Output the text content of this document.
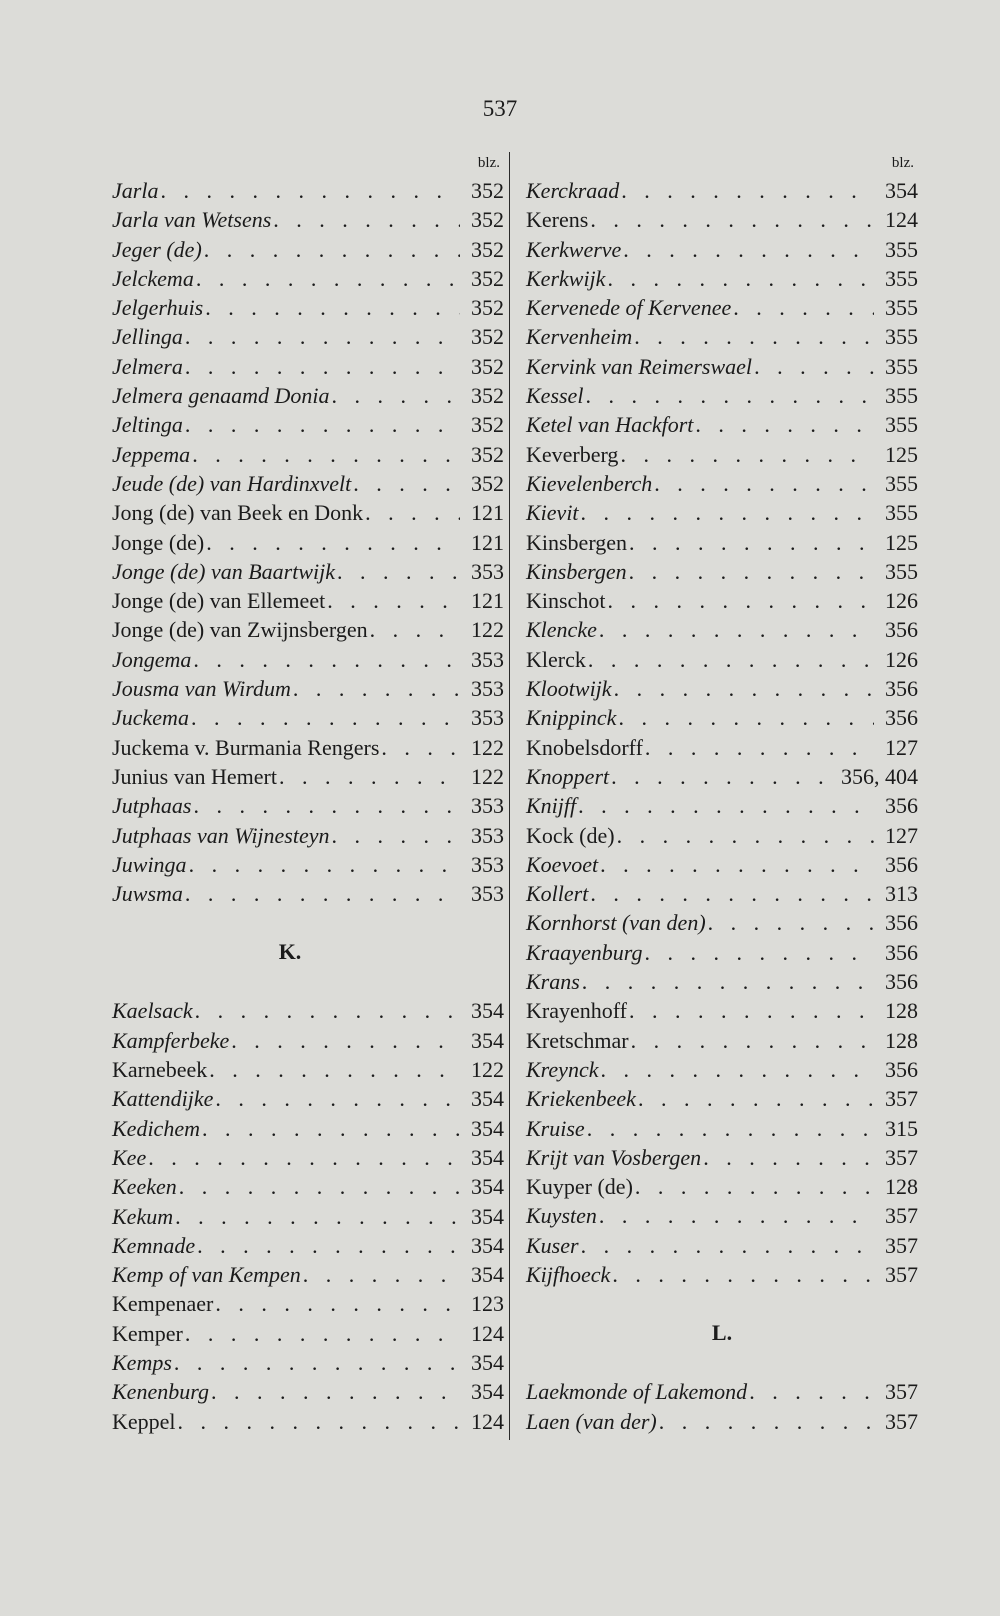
537
blz.
Jarla . . .	352
Jarla van Wetsens . . .	352
Jeger (de) . . .	352
Jelckema . . .	352
Jelgerhuis . . .	352
Jellinga . . .	352
Jelmera . . .	352
Jelmera genaamd Donia . . .	352
Jeltinga . . .	352
Jeppema . . .	352
Jeude (de) van Hardinxvelt . . .	352
Jong (de) van Beek en Donk . . .	121
Jonge (de) . . .	121
Jonge (de) van Baartwijk . . .	353
Jonge (de) van Ellemeet . . .	121
Jonge (de) van Zwijnsbergen . . .	122
Jongema . . .	353
Jousma van Wirdum . . .	353
Juckema . . .	353
Juckema v. Burmania Rengers . . .	122
Junius van Hemert . . .	122
Jutphaas . . .	353
Jutphaas van Wijnesteyn . . .	353
Juwinga . . .	353
Juwsma . . .	353
K.
Kaelsack . . .	354
Kampferbeke . . .	354
Karnebeek . . .	122
Kattendijke . . .	354
Kedichem . . .	354
Kee . . .	354
Keeken . . .	354
Kekum . . .	354
Kemnade . . .	354
Kemp of van Kempen . . .	354
Kempenaer . . .	123
Kemper . . .	124
Kemps . . .	354
Kenenburg . . .	354
Keppel . . .	124
blz.
Kerckraad . . .	354
Kerens . . .	124
Kerkwerve . . .	355
Kerkwijk . . .	355
Kervenede of Kervenee . . .	355
Kervenheim . . .	355
Kervink van Reimerswael . . .	355
Kessel . . .	355
Ketel van Hackfort . . .	355
Keverberg . . .	125
Kievelenberch . . .	355
Kievit . . .	355
Kinsbergen . . .	125
Kinsbergen . . .	355
Kinschot . . .	126
Klencke . . .	356
Klerck . . .	126
Klootwijk . . .	356
Knippinck . . .	356
Knobelsdorff . . .	127
Knoppert . . .	356, 404
Knijff . . .	356
Kock (de) . . .	127
Koevoet . . .	356
Kollert . . .	313
Kornhorst (van den) . . .	356
Kraayenburg . . .	356
Krans . . .	356
Krayenhoff . . .	128
Kretschmar . . .	128
Kreynck . . .	356
Kriekenbeek . . .	357
Kruise . . .	315
Krijt van Vosbergen . . .	357
Kuyper (de) . . .	128
Kuysten . . .	357
Kuser . . .	357
Kijfhoeck . . .	357
L.
Laekmonde of Lakemond . . .	357
Laen (van der) . . .	357
